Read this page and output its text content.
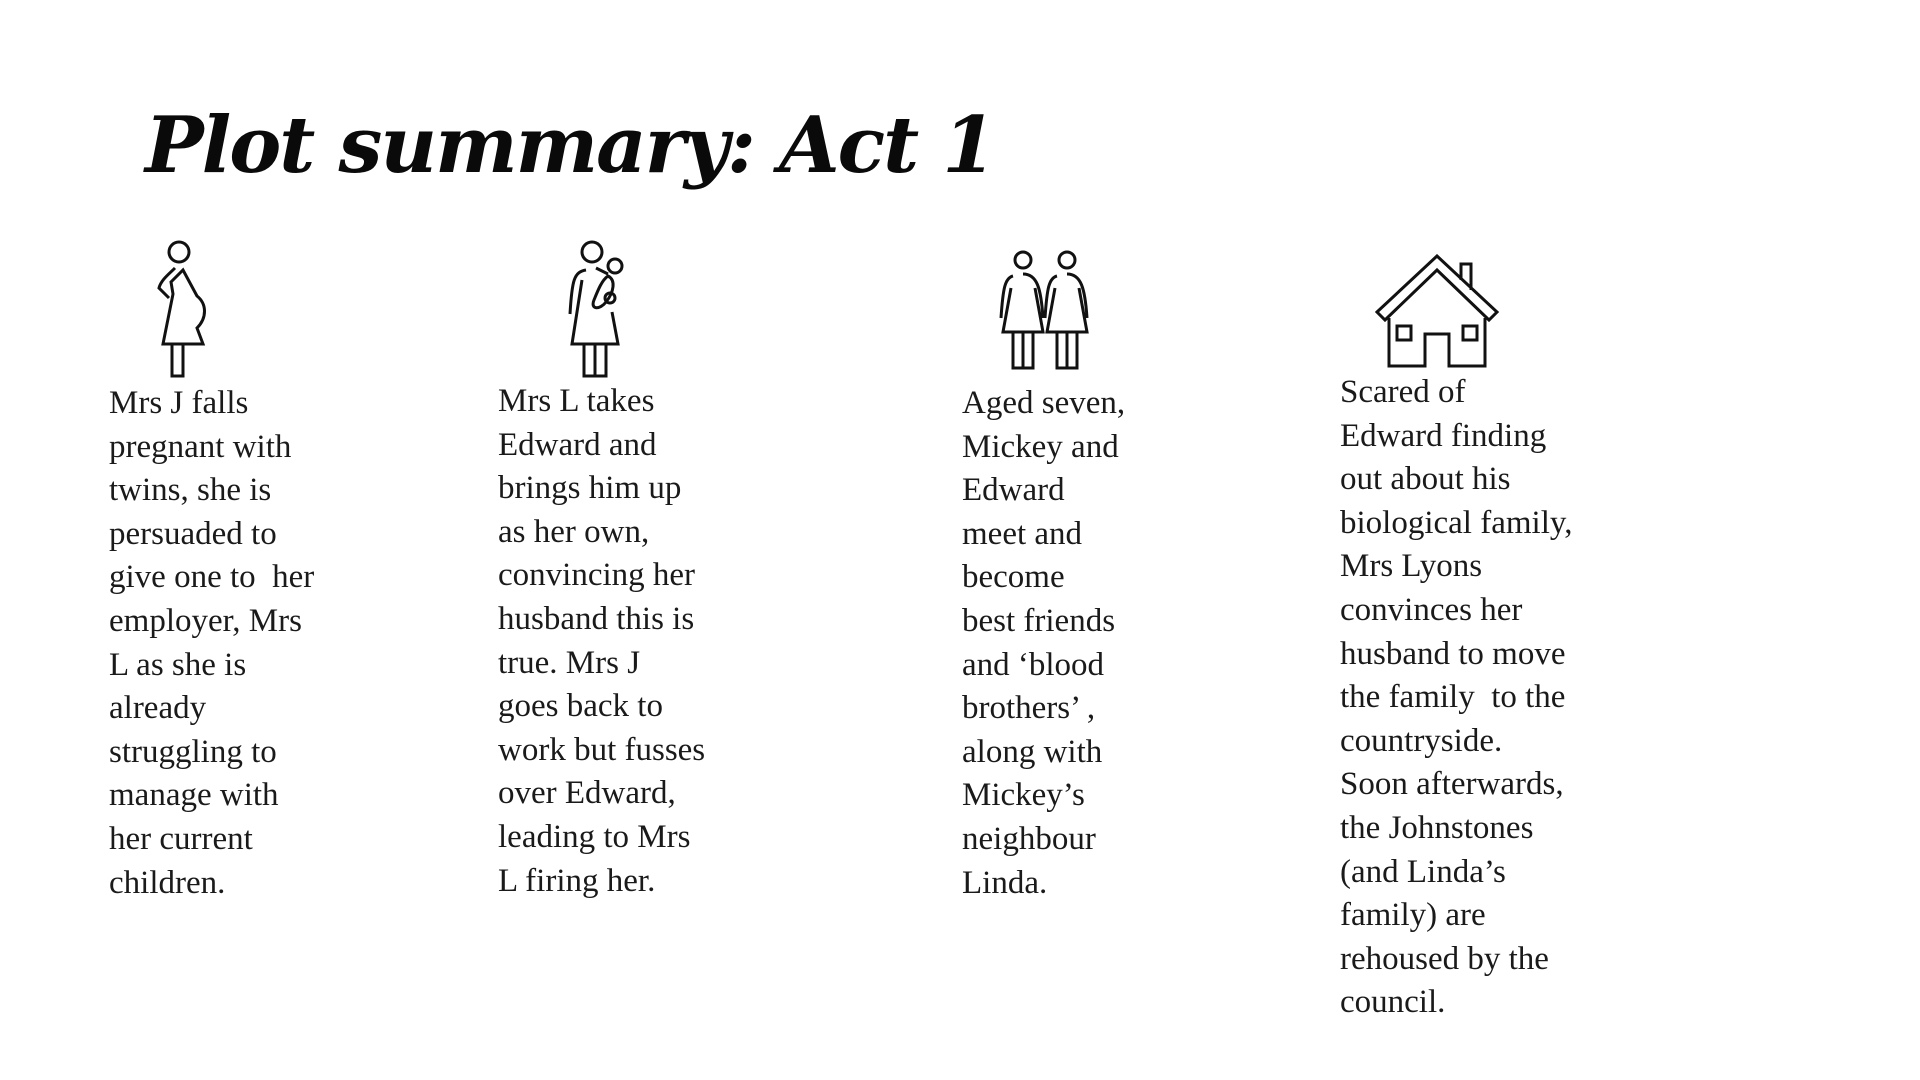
Plot summary: Act 1
Mrs J falls
pregnant with
twins, she is
persuaded to
give one to  her
employer, Mrs
L as she is
already
struggling to
manage with
her current
children.
Mrs L takes
Edward and
brings him up
as her own,
convincing her
husband this is
true. Mrs J
goes back to
work but fusses
over Edward,
leading to Mrs
L firing her.
Aged seven,
Mickey and
Edward
meet and
become
best friends
and ‘blood
brothers’ ,
along with
Mickey’s
neighbour
Linda.
Scared of
Edward finding
out about his
biological family,
Mrs Lyons
convinces her
husband to move
the family  to the
countryside.
Soon afterwards,
the Johnstones
(and Linda’s
family) are
rehoused by the
council.
